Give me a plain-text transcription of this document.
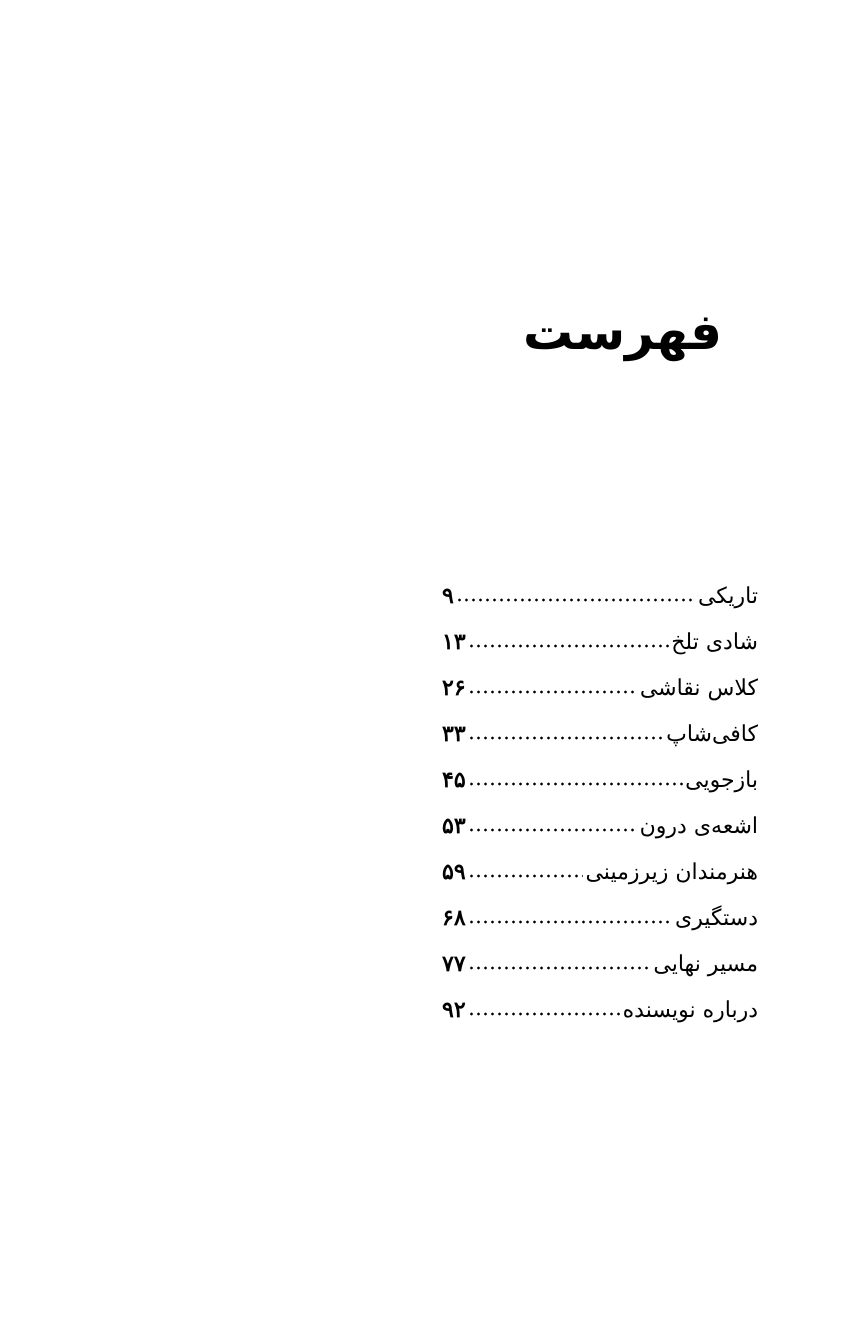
فهرست
تاریکی
۹
شادی تلخ
۱۳
کلاس نقاشی
۲۶
کافی‌شاپ
۳۳
بازجویی
۴۵
اشعه‌ی درون
۵۳
هنرمندان زیرزمینی
۵۹
دستگیری
۶۸
مسیر نهایی
۷۷
درباره نویسنده
۹۲
